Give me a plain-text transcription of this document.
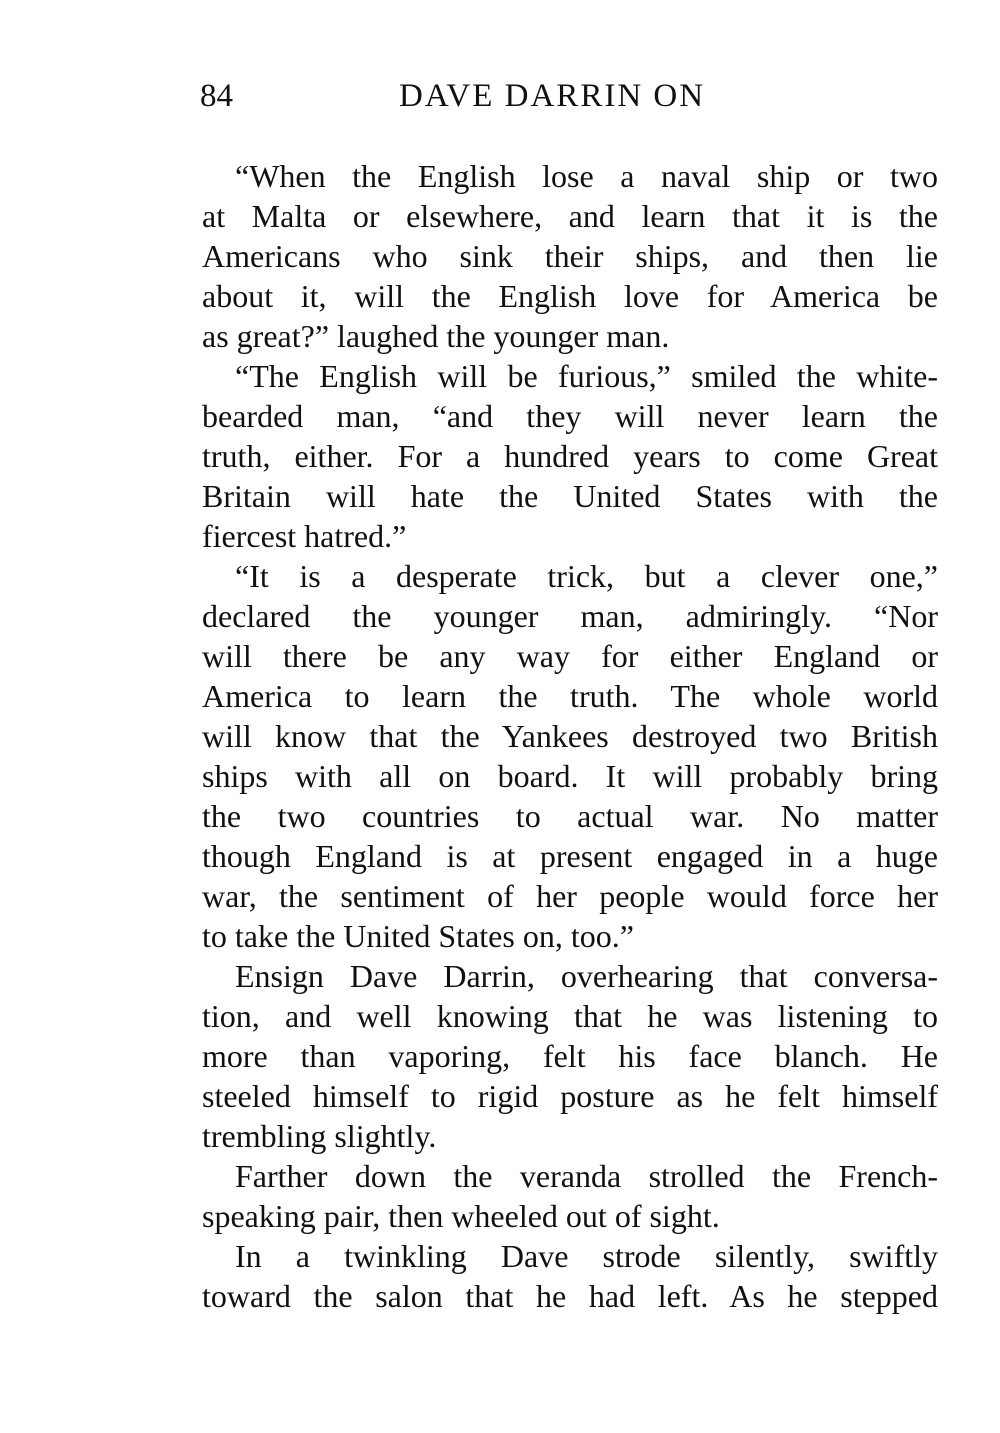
84	DAVE DARRIN ON
“When the English lose a naval ship or two
at Malta or elsewhere, and learn that it is the
Americans who sink their ships, and then lie
about it, will the English love for America be
as great?” laughed the younger man.
“The English will be furious,” smiled the white-
bearded man, “and they will never learn the
truth, either. For a hundred years to come Great
Britain will hate the United States with the
fiercest hatred.”
“It is a desperate trick, but a clever one,”
declared the younger man, admiringly. “Nor
will there be any way for either England or
America to learn the truth. The whole world
will know that the Yankees destroyed two British
ships with all on board. It will probably bring
the two countries to actual war. No matter
though England is at present engaged in a huge
war, the sentiment of her people would force her
to take the United States on, too.”
Ensign Dave Darrin, overhearing that conversa-
tion, and well knowing that he was listening to
more than vaporing, felt his face blanch. He
steeled himself to rigid posture as he felt himself
trembling slightly.
Farther down the veranda strolled the French-
speaking pair, then wheeled out of sight.
In a twinkling Dave strode silently, swiftly
toward the salon that he had left. As he stepped
